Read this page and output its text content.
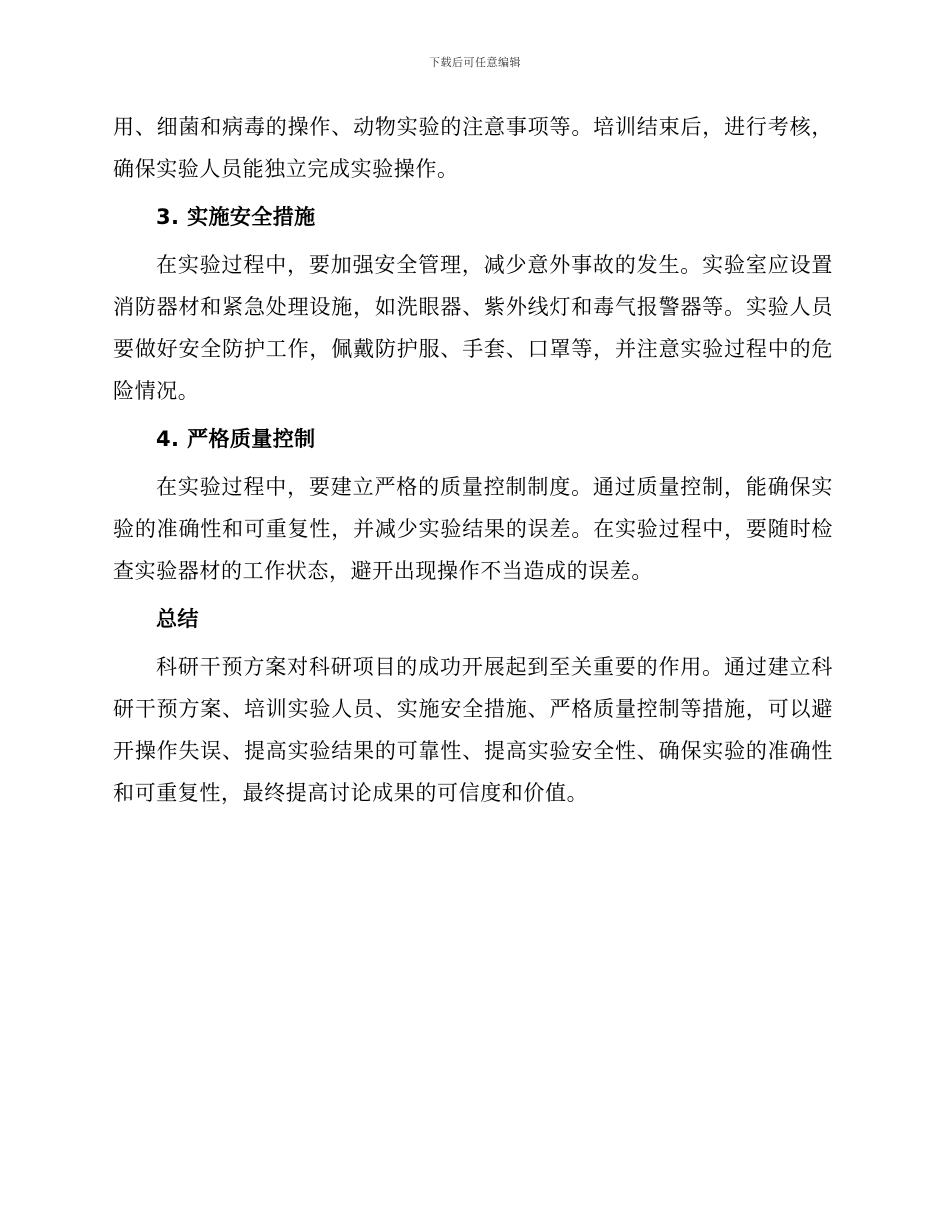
下载后可任意编辑

用、细菌和病毒的操作、动物实验的注意事项等。培训结束后，进行考核，确保实验人员能独立完成实验操作。

3. 实施安全措施

在实验过程中，要加强安全管理，减少意外事故的发生。实验室应设置消防器材和紧急处理设施，如洗眼器、紫外线灯和毒气报警器等。实验人员要做好安全防护工作，佩戴防护服、手套、口罩等，并注意实验过程中的危险情况。

4. 严格质量控制

在实验过程中，要建立严格的质量控制制度。通过质量控制，能确保实验的准确性和可重复性，并减少实验结果的误差。在实验过程中，要随时检查实验器材的工作状态，避开出现操作不当造成的误差。

总结

科研干预方案对科研项目的成功开展起到至关重要的作用。通过建立科研干预方案、培训实验人员、实施安全措施、严格质量控制等措施，可以避开操作失误、提高实验结果的可靠性、提高实验安全性、确保实验的准确性和可重复性，最终提高讨论成果的可信度和价值。
